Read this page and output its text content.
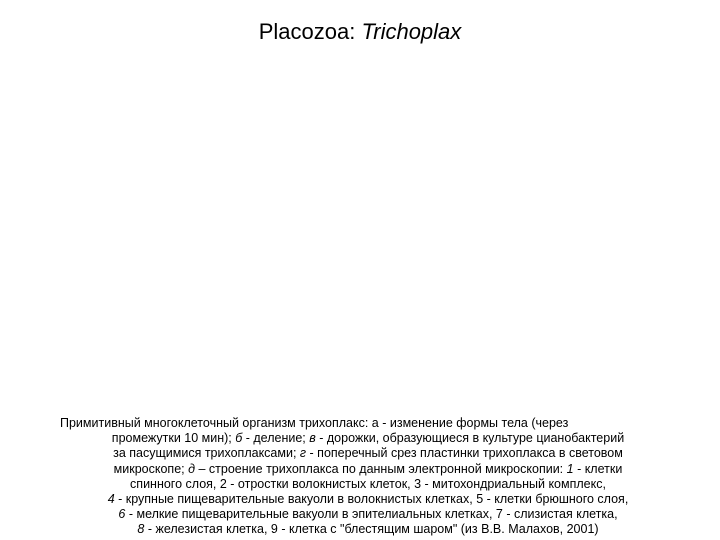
Placozoa: Trichoplax
Примитивный многоклеточный организм трихоплакс: а - изменение формы тела (через
промежутки 10 мин); б - деление; в - дорожки, образующиеся в культуре цианобактерий
за пасущимися трихоплаксами; г - поперечный срез пластинки трихоплакса в световом
микроскопе; д – строение трихоплакса по данным электронной микроскопии: 1 - клетки
спинного слоя, 2 - отростки волокнистых клеток, 3 - митохондриальный комплекс,
4 - крупные пищеварительные вакуоли в волокнистых клетках, 5 - клетки брюшного слоя,
6 - мелкие пищеварительные вакуоли в эпителиальных клетках, 7 - слизистая клетка,
8 - железистая клетка, 9 - клетка с "блестящим шаром" (из В.В. Малахов, 2001)
